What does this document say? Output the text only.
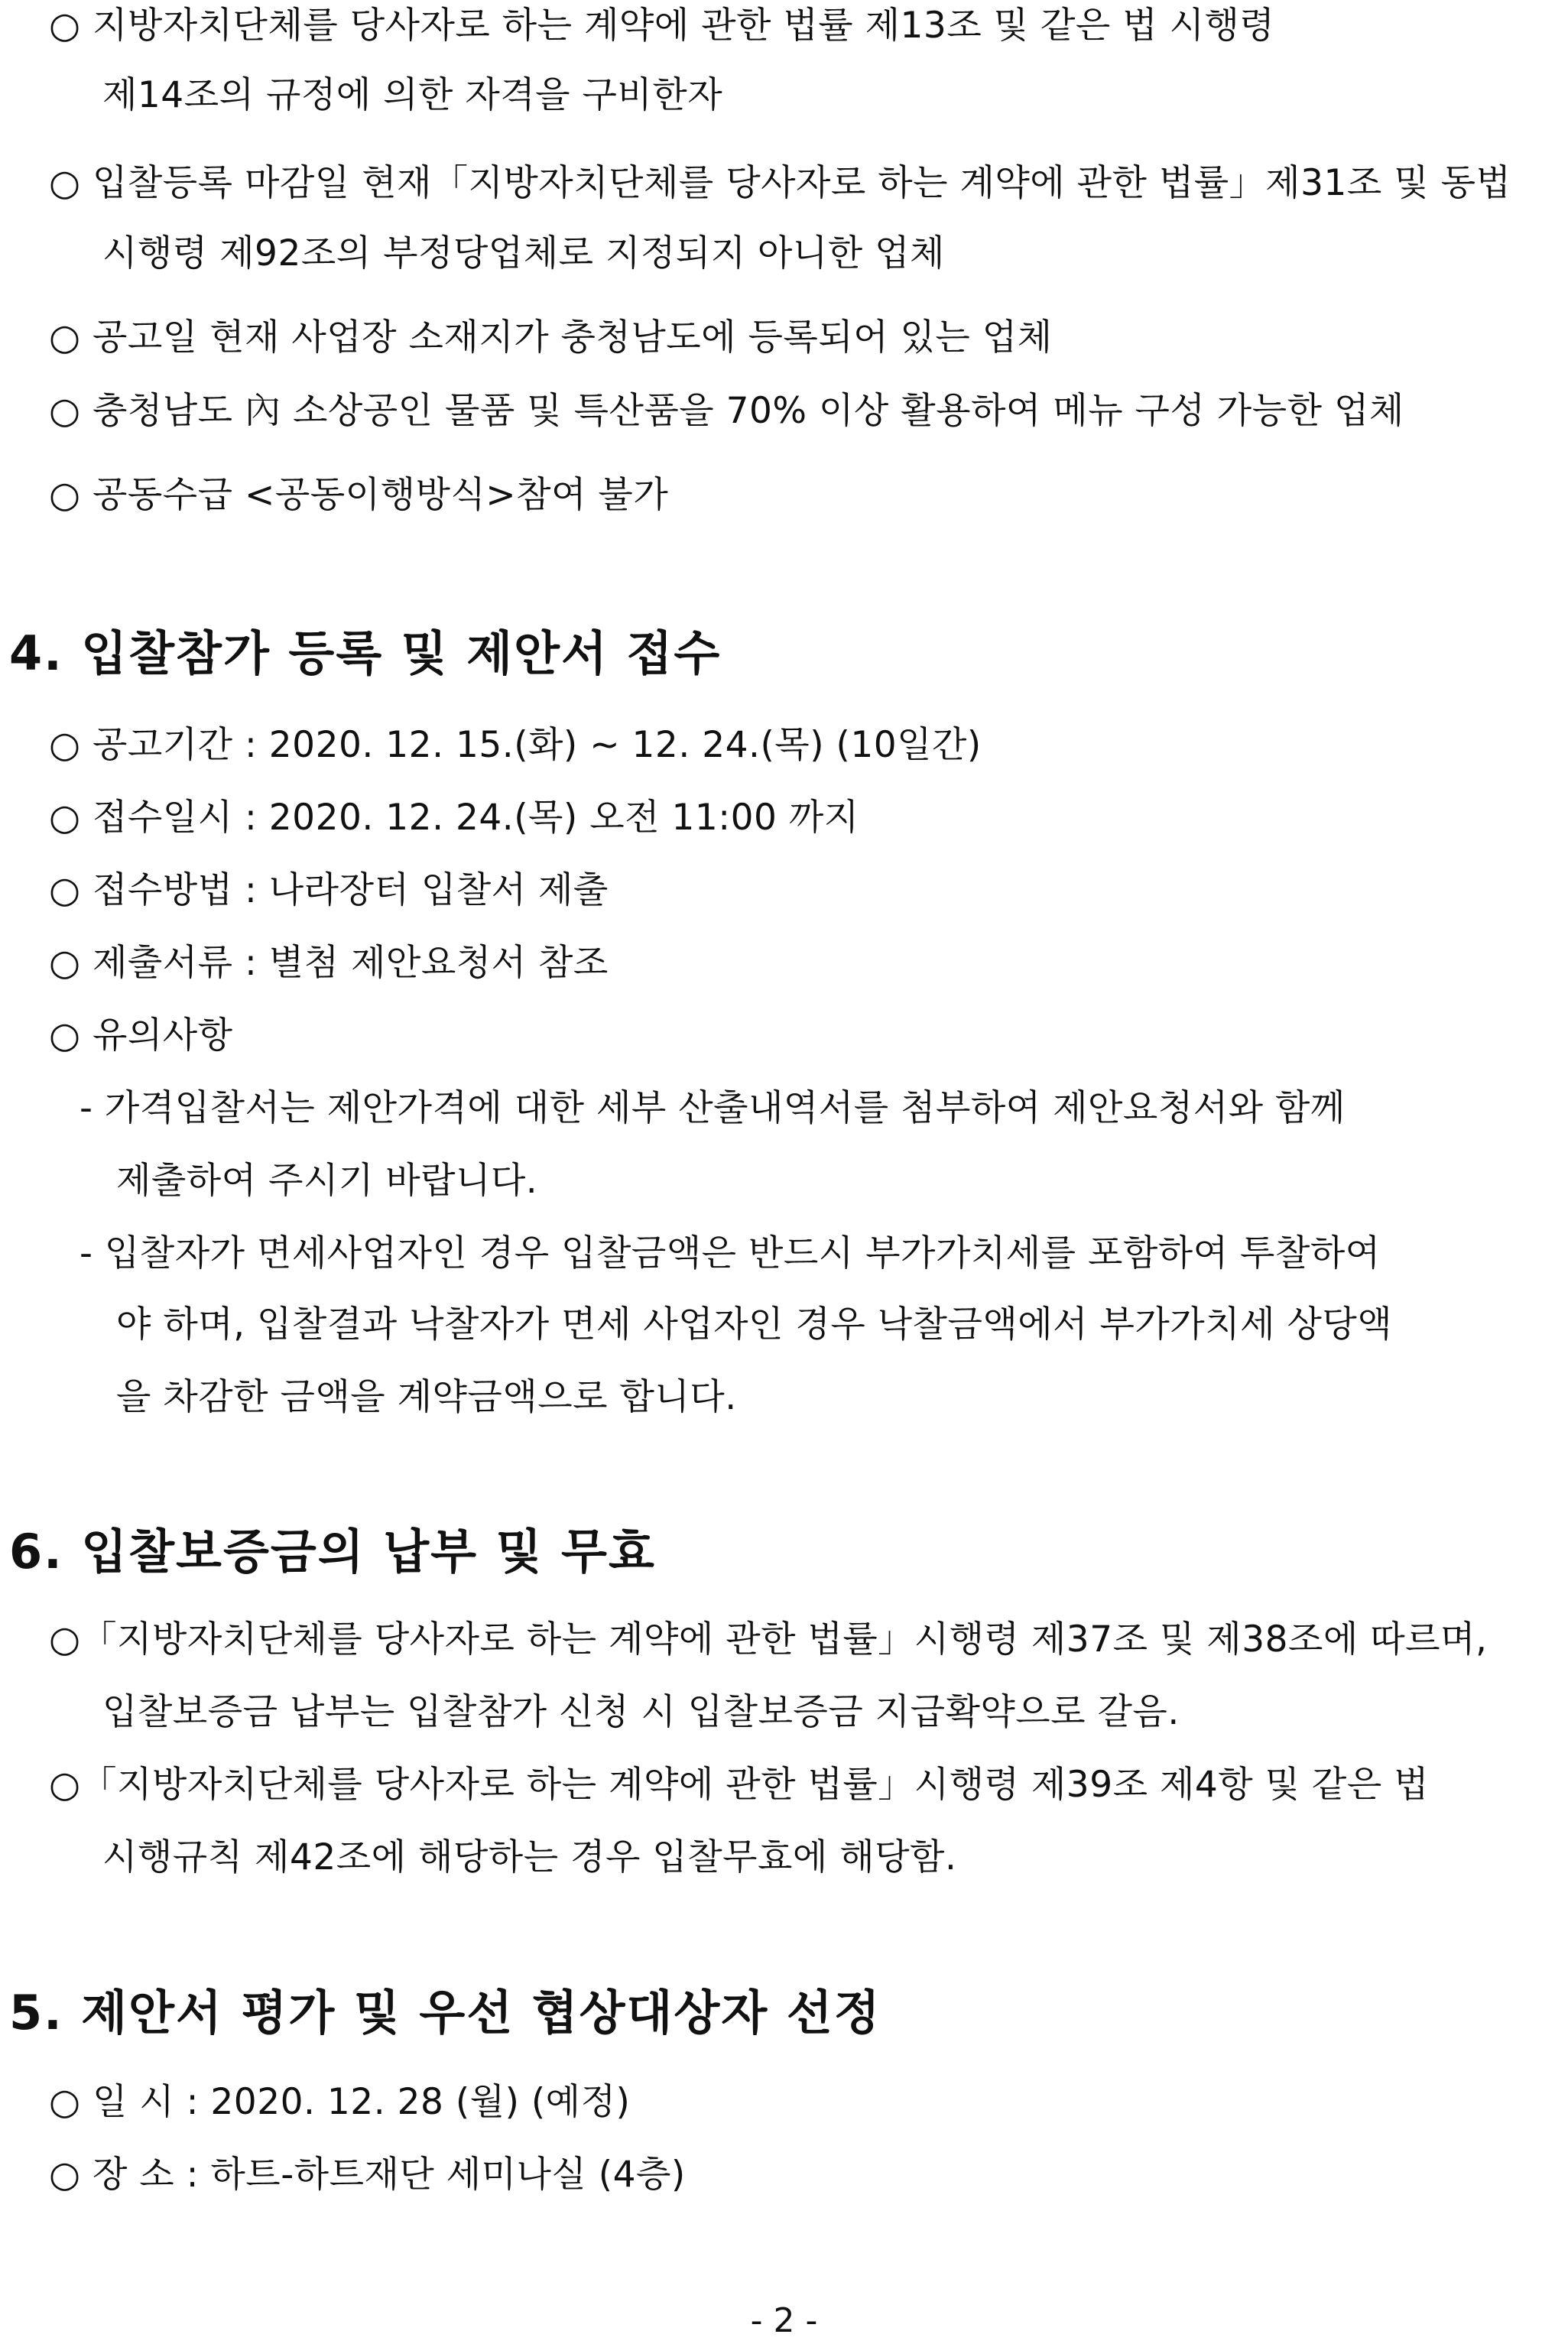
○ 지방자치단체를 당사자로 하는 계약에 관한 법률 제13조 및 같은 법 시행령
제14조의 규정에 의한 자격을 구비한자
○ 입찰등록 마감일 현재「지방자치단체를 당사자로 하는 계약에 관한 법률」제31조 및 동법
시행령 제92조의 부정당업체로 지정되지 아니한 업체
○ 공고일 현재 사업장 소재지가 충청남도에 등록되어 있는 업체
○ 충청남도 內 소상공인 물품 및 특산품을 70% 이상 활용하여 메뉴 구성 가능한 업체
○ 공동수급 <공동이행방식>참여 불가
4. 입찰참가 등록 및 제안서 접수
○ 공고기간 : 2020. 12. 15.(화) ~ 12. 24.(목) (10일간)
○ 접수일시 : 2020. 12. 24.(목) 오전 11:00 까지
○ 접수방법 : 나라장터 입찰서 제출
○ 제출서류 : 별첨 제안요청서 참조
○ 유의사항
- 가격입찰서는 제안가격에 대한 세부 산출내역서를 첨부하여 제안요청서와 함께
제출하여 주시기 바랍니다.
- 입찰자가 면세사업자인 경우 입찰금액은 반드시 부가가치세를 포함하여 투찰하여
야 하며, 입찰결과 낙찰자가 면세 사업자인 경우 낙찰금액에서 부가가치세 상당액
을 차감한 금액을 계약금액으로 합니다.
6. 입찰보증금의 납부 및 무효
○「지방자치단체를 당사자로 하는 계약에 관한 법률」시행령 제37조 및 제38조에 따르며,
입찰보증금 납부는 입찰참가 신청 시 입찰보증금 지급확약으로 갈음.
○「지방자치단체를 당사자로 하는 계약에 관한 법률」시행령 제39조 제4항 및 같은 법
시행규칙 제42조에 해당하는 경우 입찰무효에 해당함.
5. 제안서 평가 및 우선 협상대상자 선정
○ 일 시 : 2020. 12. 28 (월) (예정)
○ 장 소 : 하트-하트재단 세미나실 (4층)
- 2 -
